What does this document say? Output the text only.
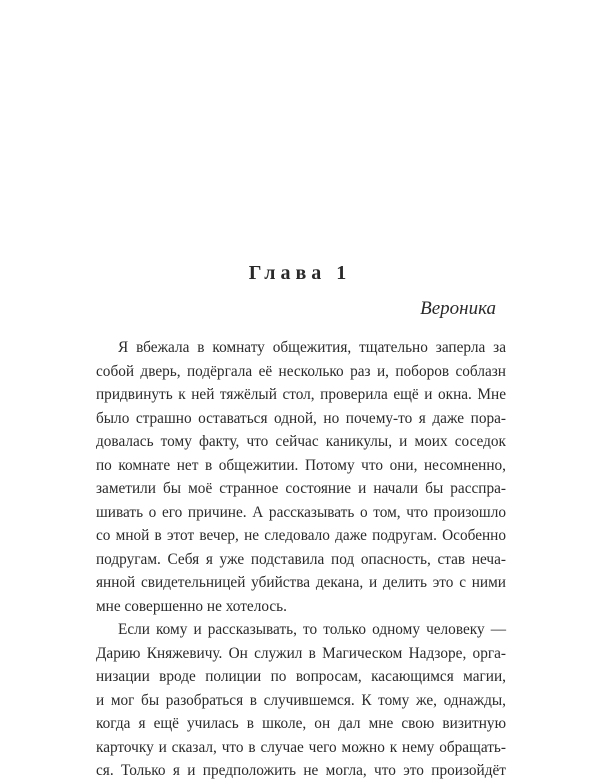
Глава 1

Вероника

Я вбежала в комнату общежития, тщательно заперла за
собой дверь, подёргала её несколько раз и, поборов соблазн
придвинуть к ней тяжёлый стол, проверила ещё и окна. Мне
было страшно оставаться одной, но почему-то я даже пора-
довалась тому факту, что сейчас каникулы, и моих соседок
по комнате нет в общежитии. Потому что они, несомненно,
заметили бы моё странное состояние и начали бы расспра-
шивать о его причине. А рассказывать о том, что произошло
со мной в этот вечер, не следовало даже подругам. Особенно
подругам. Себя я уже подставила под опасность, став неча-
янной свидетельницей убийства декана, и делить это с ними
мне совершенно не хотелось.
Если кому и рассказывать, то только одному человеку —
Дарию Княжевичу. Он служил в Магическом Надзоре, орга-
низации вроде полиции по вопросам, касающимся магии,
и мог бы разобраться в случившемся. К тому же, однажды,
когда я ещё училась в школе, он дал мне свою визитную
карточку и сказал, что в случае чего можно к нему обращать-
ся. Только я и предположить не могла, что это произойдёт
